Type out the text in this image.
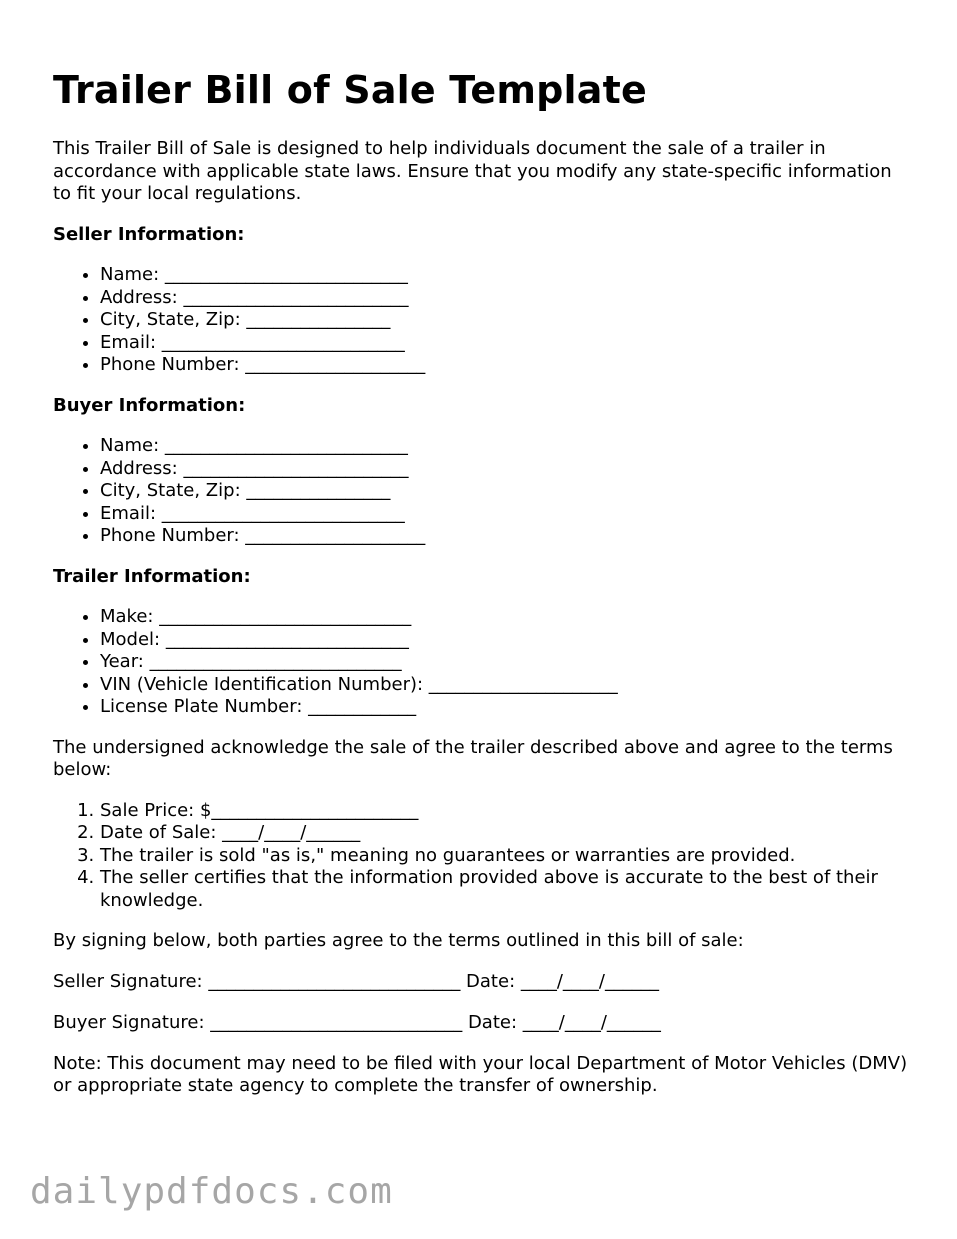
Trailer Bill of Sale Template

This Trailer Bill of Sale is designed to help individuals document the sale of a trailer in accordance with applicable state laws. Ensure that you modify any state-specific information to fit your local regulations.

Seller Information:
• Name: ___________________________
• Address: _________________________
• City, State, Zip: ________________
• Email: ___________________________
• Phone Number: ____________________
Buyer Information:
• Name: ___________________________
• Address: _________________________
• City, State, Zip: ________________
• Email: ___________________________
• Phone Number: ____________________
Trailer Information:
• Make: ____________________________
• Model: ___________________________
• Year: ____________________________
• VIN (Vehicle Identification Number): _____________________
• License Plate Number: ____________

The undersigned acknowledge the sale of the trailer described above and agree to the terms below:

1. Sale Price: $_______________________
2. Date of Sale: ____/____/______
3. The trailer is sold "as is," meaning no guarantees or warranties are provided.
4. The seller certifies that the information provided above is accurate to the best of their knowledge.

By signing below, both parties agree to the terms outlined in this bill of sale:

Seller Signature: ____________________________ Date: ____/____/______
Buyer Signature: ____________________________ Date: ____/____/______

Note: This document may need to be filed with your local Department of Motor Vehicles (DMV) or appropriate state agency to complete the transfer of ownership.

dailypdfdocs.com
